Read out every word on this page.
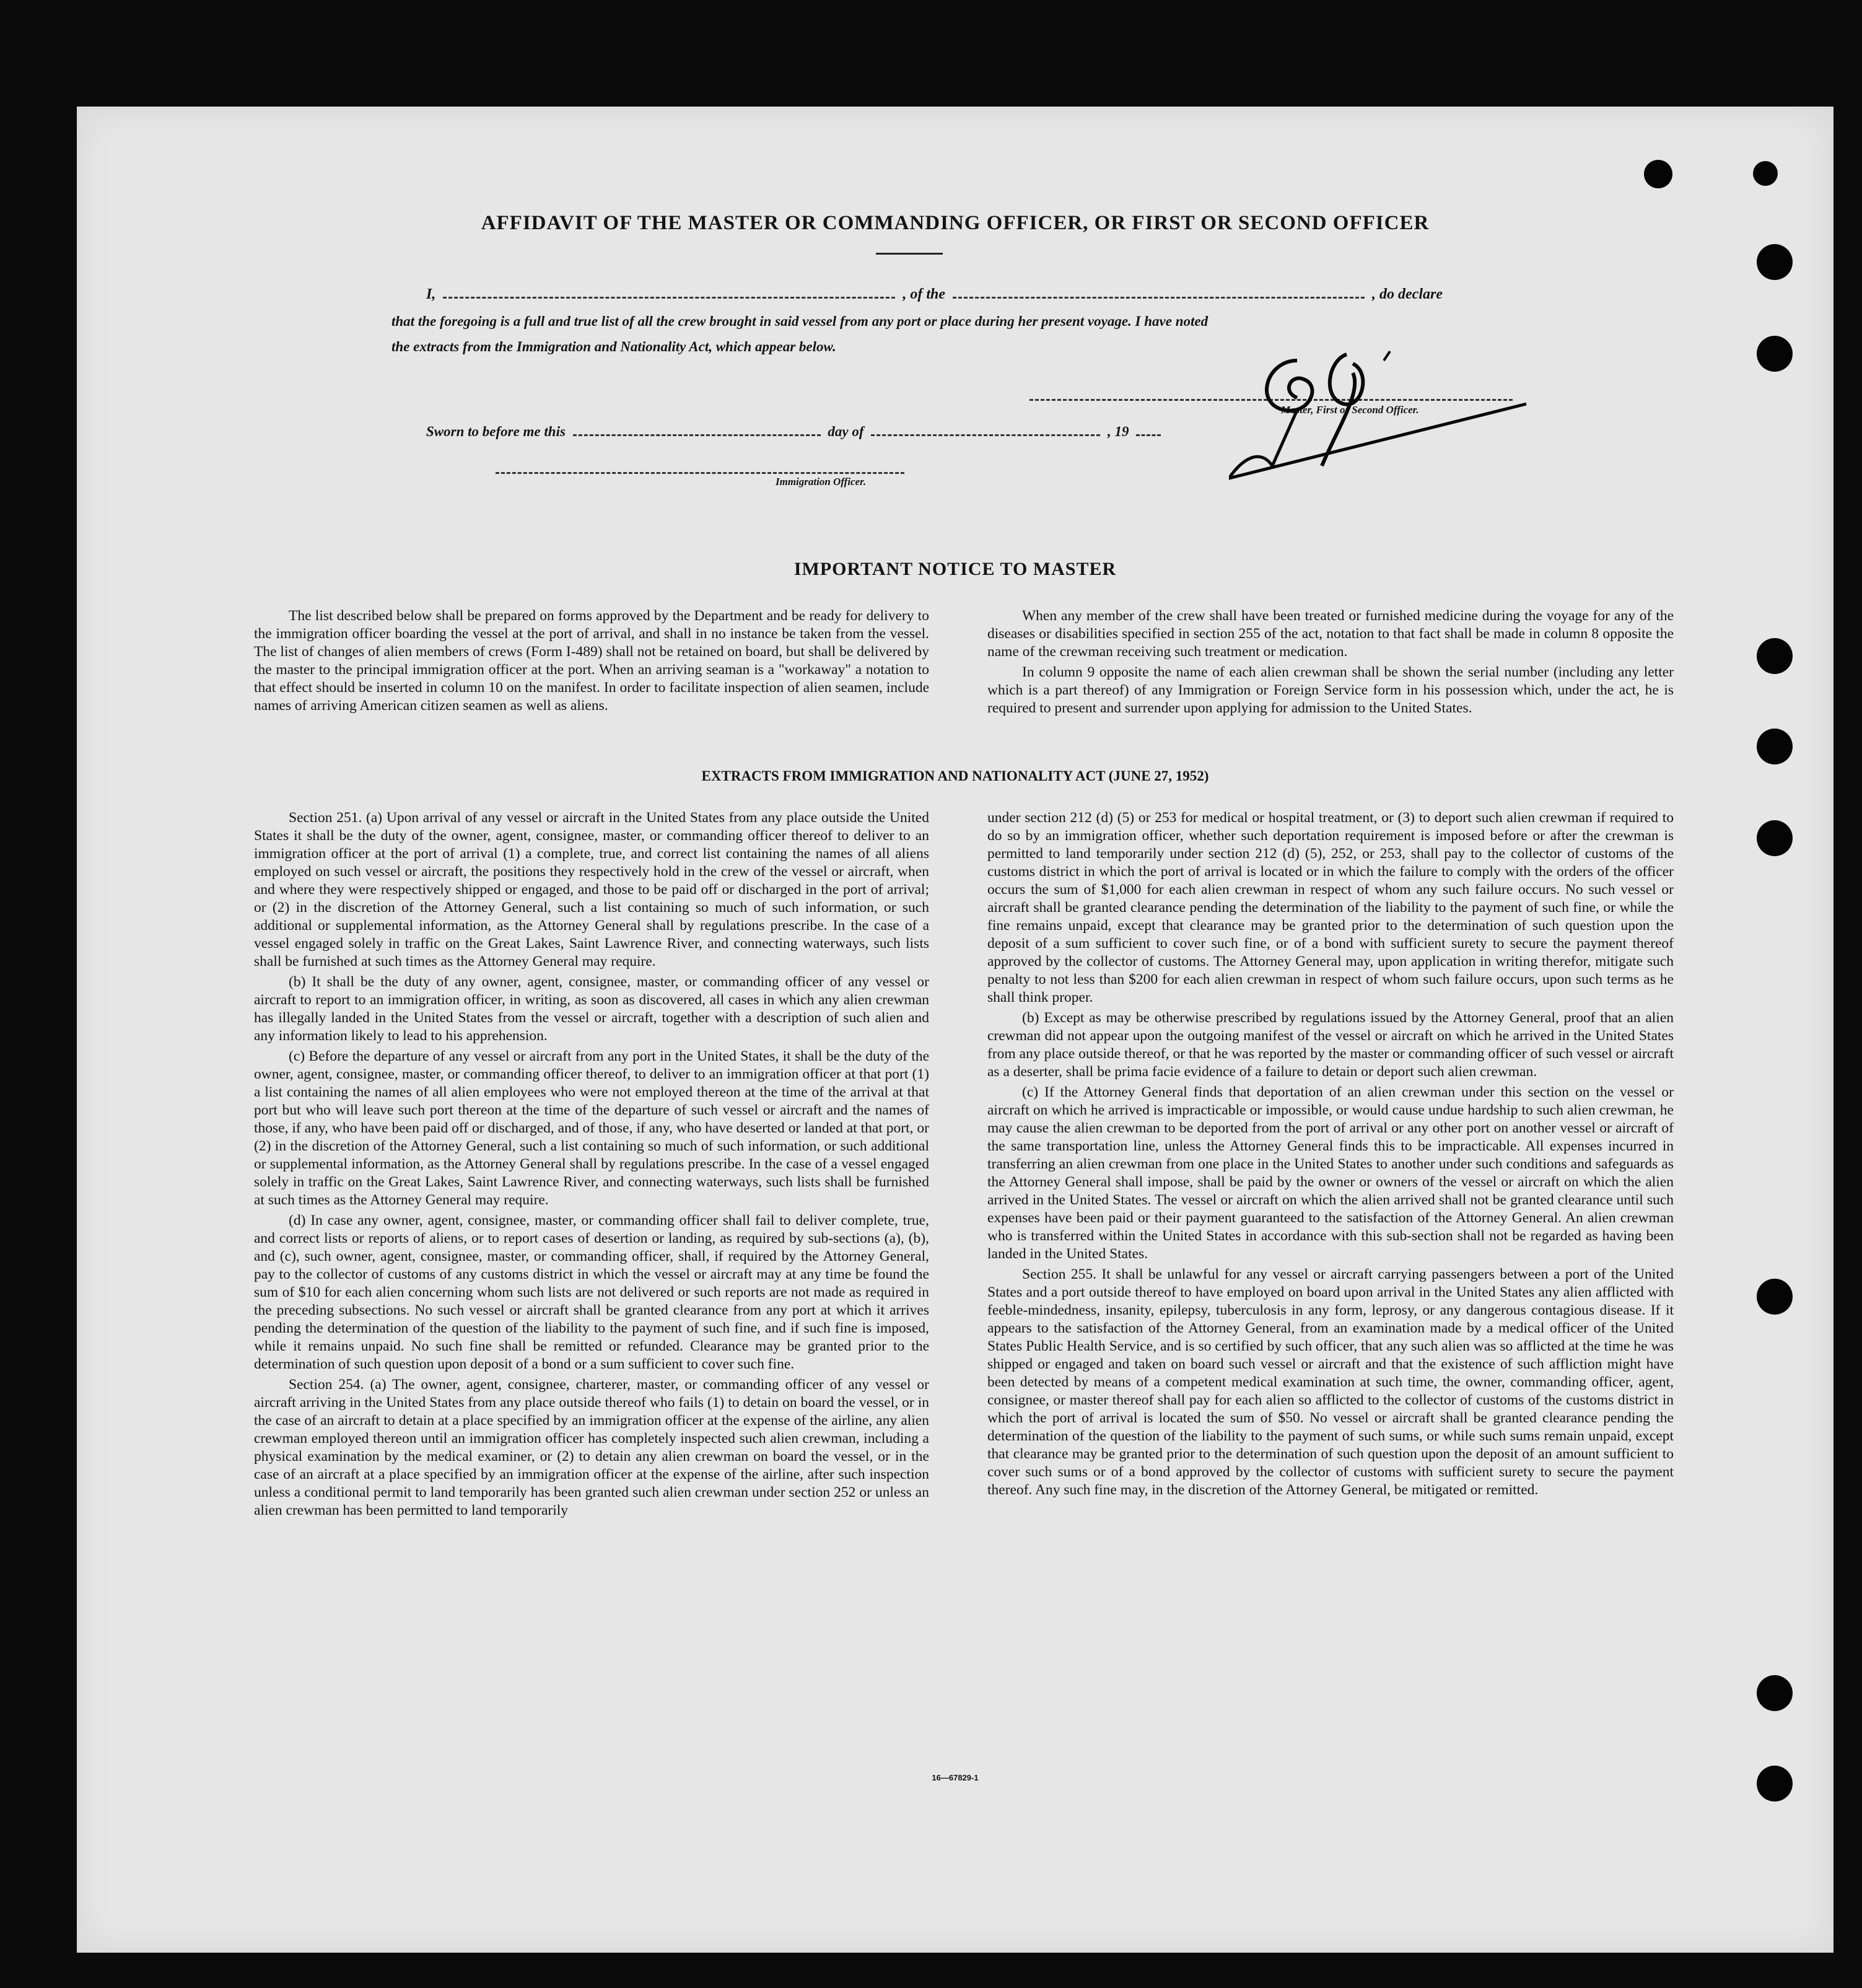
AFFIDAVIT OF THE MASTER OR COMMANDING OFFICER, OR FIRST OR SECOND OFFICER
I,	, of the	, do declare
that the foregoing is a full and true list of all the crew brought in said vessel from any port or place during her present voyage. I have noted
the extracts from the Immigration and Nationality Act, which appear below.
Master, First or Second Officer.
Sworn to before me this	day of	, 19
Immigration Officer.
IMPORTANT NOTICE TO MASTER

The list described below shall be prepared on forms approved by the Department and be ready for delivery to the immigration officer boarding the vessel at the port of arrival, and shall in no instance be taken from the vessel. The list of changes of alien members of crews (Form I-489) shall not be retained on board, but shall be delivered by the master to the principal immigration officer at the port. When an arriving seaman is a "workaway" a notation to that effect should be inserted in column 10 on the manifest. In order to facilitate inspection of alien seamen, include names of arriving American citizen seamen as well as aliens.

When any member of the crew shall have been treated or furnished medicine during the voyage for any of the diseases or disabilities specified in section 255 of the act, notation to that fact shall be made in column 8 opposite the name of the crewman receiving such treatment or medication.

In column 9 opposite the name of each alien crewman shall be shown the serial number (including any letter which is a part thereof) of any Immigration or Foreign Service form in his possession which, under the act, he is required to present and surrender upon applying for admission to the United States.

EXTRACTS FROM IMMIGRATION AND NATIONALITY ACT (JUNE 27, 1952)

Section 251. (a) Upon arrival of any vessel or aircraft in the United States from any place outside the United States it shall be the duty of the owner, agent, consignee, master, or commanding officer thereof to deliver to an immigration officer at the port of arrival (1) a complete, true, and correct list containing the names of all aliens employed on such vessel or aircraft, the positions they respectively hold in the crew of the vessel or aircraft, when and where they were respectively shipped or engaged, and those to be paid off or discharged in the port of arrival; or (2) in the discretion of the Attorney General, such a list containing so much of such information, or such additional or supplemental information, as the Attorney General shall by regulations prescribe. In the case of a vessel engaged solely in traffic on the Great Lakes, Saint Lawrence River, and connecting waterways, such lists shall be furnished at such times as the Attorney General may require.

(b) It shall be the duty of any owner, agent, consignee, master, or commanding officer of any vessel or aircraft to report to an immigration officer, in writing, as soon as discovered, all cases in which any alien crewman has illegally landed in the United States from the vessel or aircraft, together with a description of such alien and any information likely to lead to his apprehension.

(c) Before the departure of any vessel or aircraft from any port in the United States, it shall be the duty of the owner, agent, consignee, master, or commanding officer thereof, to deliver to an immigration officer at that port (1) a list containing the names of all alien employees who were not employed thereon at the time of the arrival at that port but who will leave such port thereon at the time of the departure of such vessel or aircraft and the names of those, if any, who have been paid off or discharged, and of those, if any, who have deserted or landed at that port, or (2) in the discretion of the Attorney General, such a list containing so much of such information, or such additional or supplemental information, as the Attorney General shall by regulations prescribe. In the case of a vessel engaged solely in traffic on the Great Lakes, Saint Lawrence River, and connecting waterways, such lists shall be furnished at such times as the Attorney General may require.

(d) In case any owner, agent, consignee, master, or commanding officer shall fail to deliver complete, true, and correct lists or reports of aliens, or to report cases of desertion or landing, as required by sub-sections (a), (b), and (c), such owner, agent, consignee, master, or commanding officer, shall, if required by the Attorney General, pay to the collector of customs of any customs district in which the vessel or aircraft may at any time be found the sum of $10 for each alien concerning whom such lists are not delivered or such reports are not made as required in the preceding subsections. No such vessel or aircraft shall be granted clearance from any port at which it arrives pending the determination of the question of the liability to the payment of such fine, and if such fine is imposed, while it remains unpaid. No such fine shall be remitted or refunded. Clearance may be granted prior to the determination of such question upon deposit of a bond or a sum sufficient to cover such fine.

Section 254. (a) The owner, agent, consignee, charterer, master, or commanding officer of any vessel or aircraft arriving in the United States from any place outside thereof who fails (1) to detain on board the vessel, or in the case of an aircraft to detain at a place specified by an immigration officer at the expense of the airline, any alien crewman employed thereon until an immigration officer has completely inspected such alien crewman, including a physical examination by the medical examiner, or (2) to detain any alien crewman on board the vessel, or in the case of an aircraft at a place specified by an immigration officer at the expense of the airline, after such inspection unless a conditional permit to land temporarily has been granted such alien crewman under section 252 or unless an alien crewman has been permitted to land temporarily

under section 212 (d) (5) or 253 for medical or hospital treatment, or (3) to deport such alien crewman if required to do so by an immigration officer, whether such deportation requirement is imposed before or after the crewman is permitted to land temporarily under section 212 (d) (5), 252, or 253, shall pay to the collector of customs of the customs district in which the port of arrival is located or in which the failure to comply with the orders of the officer occurs the sum of $1,000 for each alien crewman in respect of whom any such failure occurs. No such vessel or aircraft shall be granted clearance pending the determination of the liability to the payment of such fine, or while the fine remains unpaid, except that clearance may be granted prior to the determination of such question upon the deposit of a sum sufficient to cover such fine, or of a bond with sufficient surety to secure the payment thereof approved by the collector of customs. The Attorney General may, upon application in writing therefor, mitigate such penalty to not less than $200 for each alien crewman in respect of whom such failure occurs, upon such terms as he shall think proper.

(b) Except as may be otherwise prescribed by regulations issued by the Attorney General, proof that an alien crewman did not appear upon the outgoing manifest of the vessel or aircraft on which he arrived in the United States from any place outside thereof, or that he was reported by the master or commanding officer of such vessel or aircraft as a deserter, shall be prima facie evidence of a failure to detain or deport such alien crewman.

(c) If the Attorney General finds that deportation of an alien crewman under this section on the vessel or aircraft on which he arrived is impracticable or impossible, or would cause undue hardship to such alien crewman, he may cause the alien crewman to be deported from the port of arrival or any other port on another vessel or aircraft of the same transportation line, unless the Attorney General finds this to be impracticable. All expenses incurred in transferring an alien crewman from one place in the United States to another under such conditions and safeguards as the Attorney General shall impose, shall be paid by the owner or owners of the vessel or aircraft on which the alien arrived in the United States. The vessel or aircraft on which the alien arrived shall not be granted clearance until such expenses have been paid or their payment guaranteed to the satisfaction of the Attorney General. An alien crewman who is transferred within the United States in accordance with this sub-section shall not be regarded as having been landed in the United States.

Section 255. It shall be unlawful for any vessel or aircraft carrying passengers between a port of the United States and a port outside thereof to have employed on board upon arrival in the United States any alien afflicted with feeble-mindedness, insanity, epilepsy, tuberculosis in any form, leprosy, or any dangerous contagious disease. If it appears to the satisfaction of the Attorney General, from an examination made by a medical officer of the United States Public Health Service, and is so certified by such officer, that any such alien was so afflicted at the time he was shipped or engaged and taken on board such vessel or aircraft and that the existence of such affliction might have been detected by means of a competent medical examination at such time, the owner, commanding officer, agent, consignee, or master thereof shall pay for each alien so afflicted to the collector of customs of the customs district in which the port of arrival is located the sum of $50. No vessel or aircraft shall be granted clearance pending the determination of the question of the liability to the payment of such sums, or while such sums remain unpaid, except that clearance may be granted prior to the determination of such question upon the deposit of an amount sufficient to cover such sums or of a bond approved by the collector of customs with sufficient surety to secure the payment thereof. Any such fine may, in the discretion of the Attorney General, be mitigated or remitted.

16—67829-1
